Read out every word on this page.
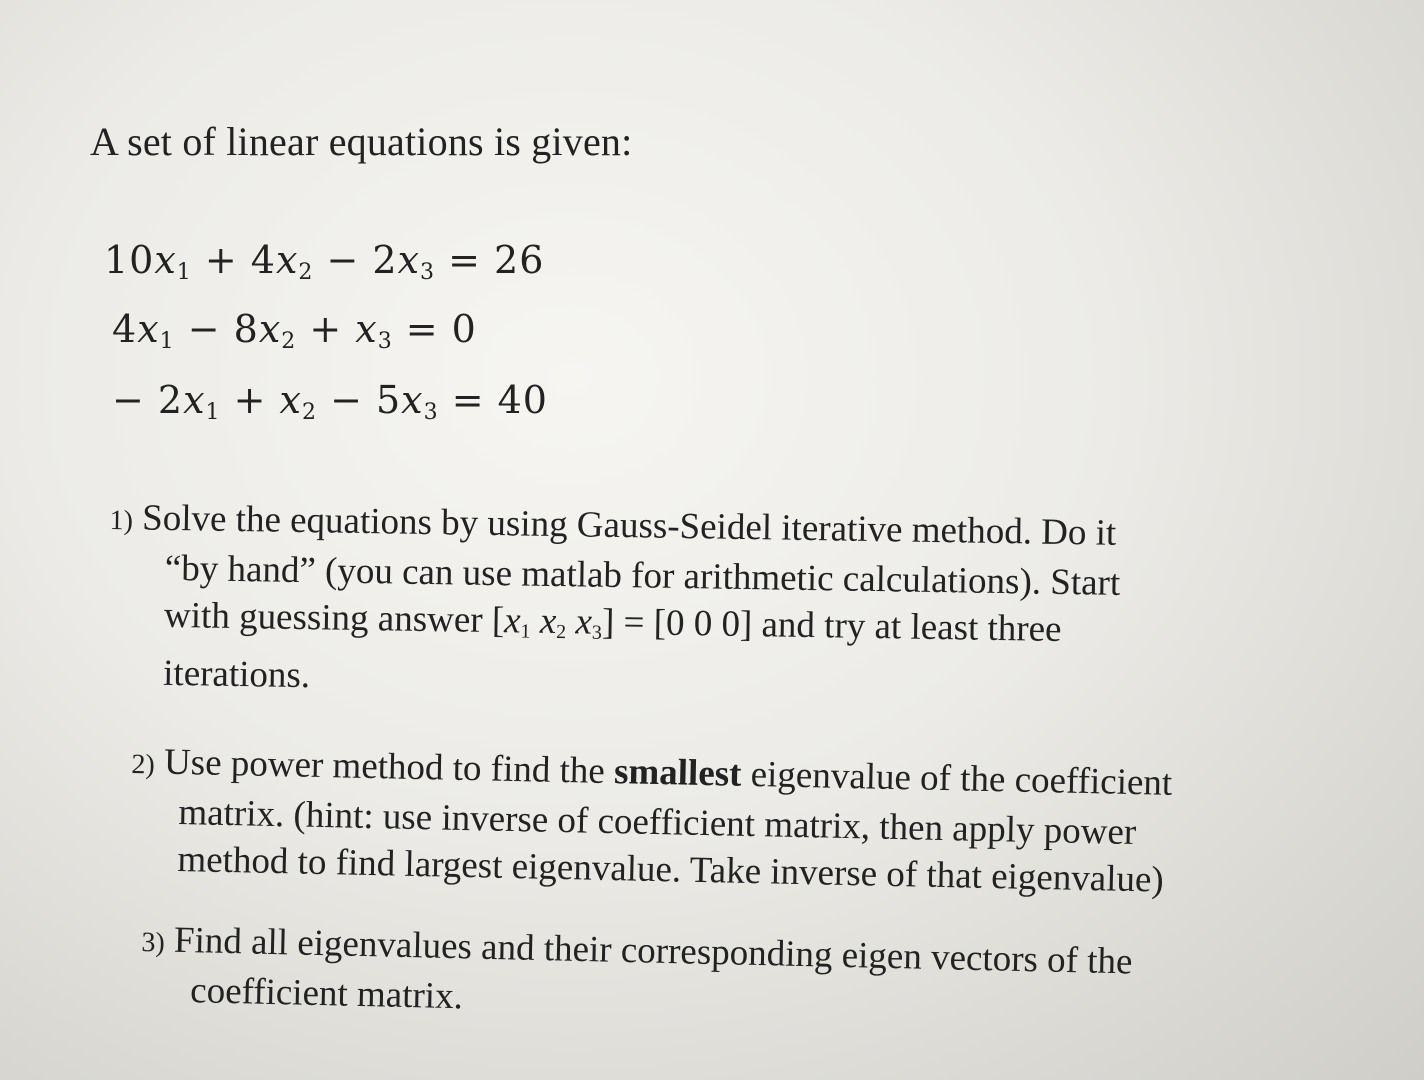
A set of linear equations is given:
$10x_1 + 4x_2 - 2x_3 = 26$
$4x_1 - 8x_2 + x_3 = 0$
− $2x_1 + x_2 - 5x_3 = 40$
1) Solve the equations by using Gauss-Seidel iterative method. Do it
“by hand” (you can use matlab for arithmetic calculations). Start
with guessing answer [$x_1$ $x_2$ $x_3] = [0$ 0 0] and try at least three
iterations.
2) Use power method to find the smallest eigenvalue of the coefficient
matrix. (hint: use inverse of coefficient matrix, then apply power
method to find largest eigenvalue. Take inverse of that eigenvalue)
3) Find all eigenvalues and their corresponding eigen vectors of the
coefficient matrix.
